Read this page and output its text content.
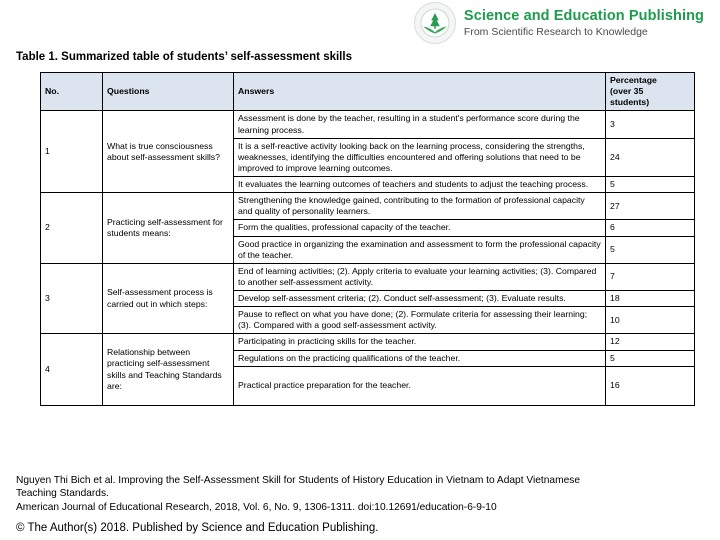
Science and Education Publishing
From Scientific Research to Knowledge
Table 1. Summarized table of students’ self-assessment skills
No.	Questions	Answers	Percentage
(over 35
students)

1	What is true consciousness about self-assessment skills?	Assessment is done by the teacher, resulting in a student's performance score during the learning process.	3
		It is a self-reactive activity looking back on the learning process, considering the strengths, weaknesses, identifying the difficulties encountered and offering solutions that need to be improved to improve learning outcomes.	24
		It evaluates the learning outcomes of teachers and students to adjust the teaching process.	5
2	Practicing self-assessment for students means:	Strengthening the knowledge gained, contributing to the formation of professional capacity and quality of personality learners.	27
		Form the qualities, professional capacity of the teacher.	6
		Good practice in organizing the examination and assessment to form the professional capacity of the teacher.	5
3	Self-assessment process is carried out in which steps:	End of learning activities; (2). Apply criteria to evaluate your learning activities; (3). Compared to another self-assessment activity.	7
		Develop self-assessment criteria; (2). Conduct self-assessment; (3). Evaluate results.	18
		Pause to reflect on what you have done; (2). Formulate criteria for assessing their learning; (3). Compared with a good self-assessment activity.	10
4	Relationship between practicing self-assessment skills and Teaching Standards are:	Participating in practicing skills for the teacher.	12
		Regulations on the practicing qualifications of the teacher.	5
		Practical practice preparation for the teacher.	16
Nguyen Thi Bich et al. Improving the Self-Assessment Skill for Students of History Education in Vietnam to Adapt Vietnamese
Teaching Standards.
American Journal of Educational Research, 2018, Vol. 6, No. 9, 1306-1311. doi:10.12691/education-6-9-10
© The Author(s) 2018. Published by Science and Education Publishing.
